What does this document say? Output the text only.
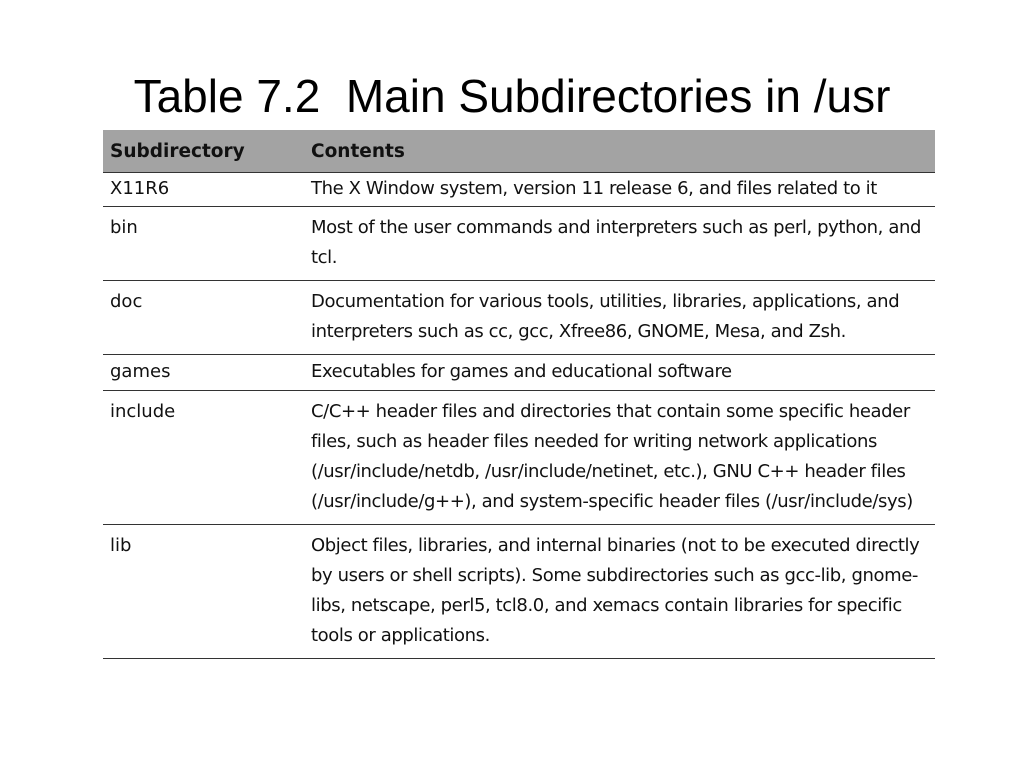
Table 7.2  Main Subdirectories in /usr
Subdirectory	Contents
X11R6	The X Window system, version 11 release 6, and files related to it
bin	Most of the user commands and interpreters such as perl, python, and tcl.
doc	Documentation for various tools, utilities, libraries, applications, and interpreters such as cc, gcc, Xfree86, GNOME, Mesa, and Zsh.
games	Executables for games and educational software
include	C/C++ header files and directories that contain some specific header files, such as header files needed for writing network applications (/usr/include/netdb, /usr/include/netinet, etc.), GNU C++ header files (/usr/include/g++), and system-specific header files (/usr/include/sys)
lib	Object files, libraries, and internal binaries (not to be executed directly by users or shell scripts). Some subdirectories such as gcc-lib, gnome-libs, netscape, perl5, tcl8.0, and xemacs contain libraries for specific tools or applications.
